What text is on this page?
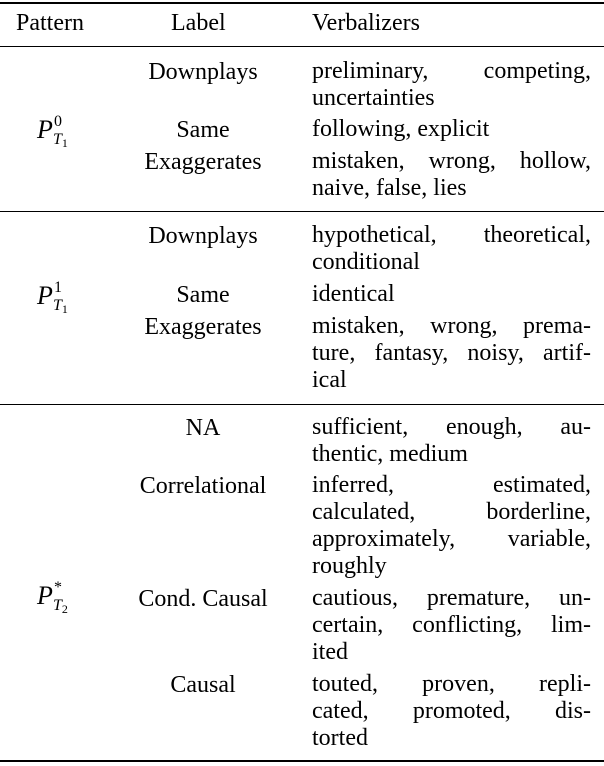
Pattern	Label	Verbalizers
P 0
T1
Downplays	preliminary, competing,
uncertainties
Same	following, explicit
Exaggerates	mistaken, wrong, hollow,
naive, false, lies
P 1
T1
Downplays	hypothetical, theoretical,
conditional
Same	identical
Exaggerates	mistaken, wrong, prema-
ture, fantasy, noisy, artif-
ical
P *
T2
NA	sufficient, enough, au-
thentic, medium
Correlational	inferred, estimated,
calculated, borderline,
approximately, variable,
roughly
Cond. Causal	cautious, premature, un-
certain, conflicting, lim-
ited
Causal	touted, proven, repli-
cated, promoted, dis-
torted
